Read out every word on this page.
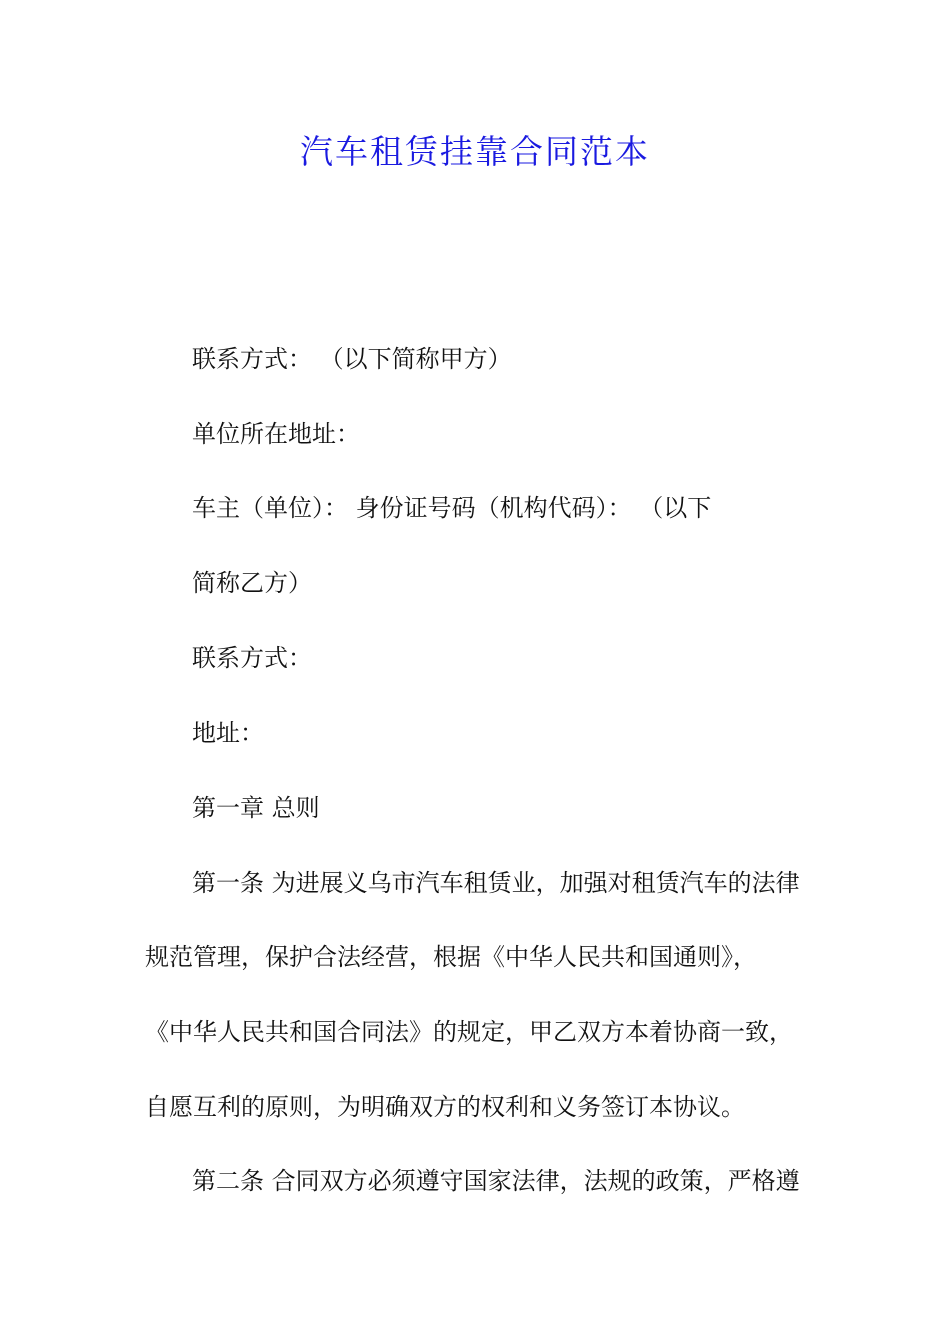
汽车租赁挂靠合同范本

联系方式： （以下简称甲方）

单位所在地址：

车主（单位）： 身份证号码（机构代码）： （以下

简称乙方）

联系方式：

地址：

第一章 总则

第一条 为进展义乌市汽车租赁业，加强对租赁汽车的法律

规范管理，保护合法经营，根据《中华人民共和国通则》，

《中华人民共和国合同法》的规定，甲乙双方本着协商一致，

自愿互利的原则，为明确双方的权利和义务签订本协议。

第二条 合同双方必须遵守国家法律，法规的政策，严格遵
